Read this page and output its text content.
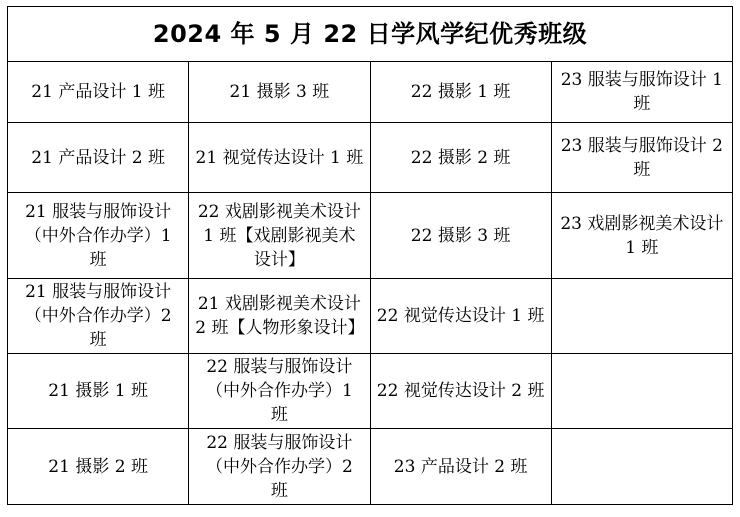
2024 年 5 月 22 日学风学纪优秀班级			
21 产品设计 1 班	21 摄影 3 班	22 摄影 1 班	23 服装与服饰设计 1 班
21 产品设计 2 班	21 视觉传达设计 1 班	22 摄影 2 班	23 服装与服饰设计 2 班
21 服装与服饰设计（中外合作办学）1 班	22 戏剧影视美术设计 1 班【戏剧影视美术设计】	22 摄影 3 班	23 戏剧影视美术设计 1 班
21 服装与服饰设计（中外合作办学）2 班	21 戏剧影视美术设计 2 班【人物形象设计】	22 视觉传达设计 1 班	
21 摄影 1 班	22 服装与服饰设计（中外合作办学）1 班	22 视觉传达设计 2 班	
21 摄影 2 班	22 服装与服饰设计（中外合作办学）2 班	23 产品设计 2 班	
